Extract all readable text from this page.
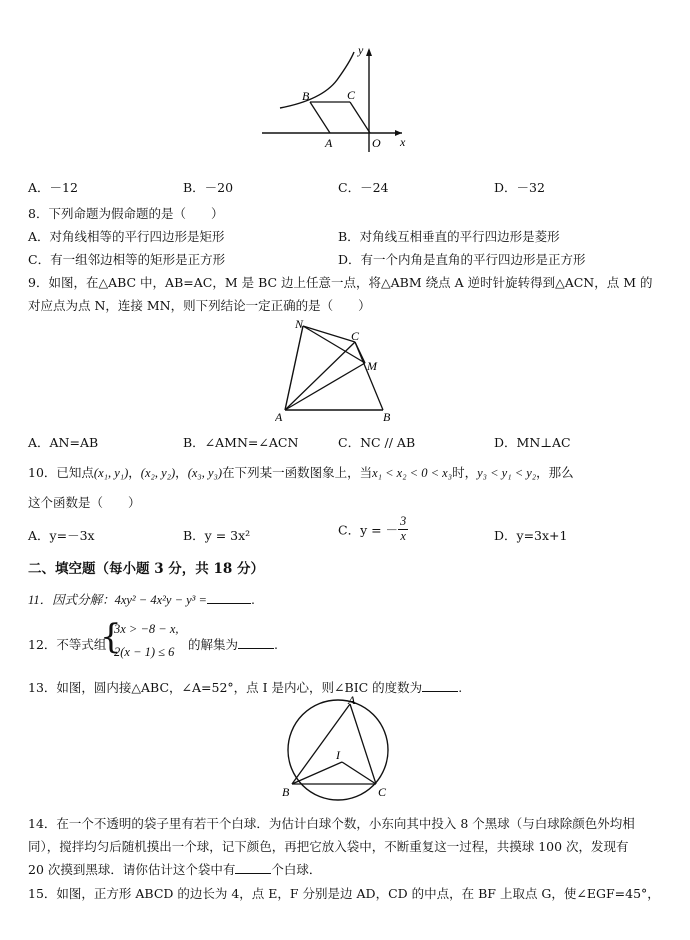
y
x
B	C
A	O
A．－12	B．－20	C．－24	D．－32
8．下列命题为假命题的是（　　）
A．对角线相等的平行四边形是矩形	B．对角线互相垂直的平行四边形是菱形
C．有一组邻边相等的矩形是正方形	D．有一个内角是直角的平行四边形是正方形
9．如图，在△ABC 中，AB=AC，M 是 BC 边上任意一点，将△ABM 绕点 A 逆时针旋转得到△ACN，点 M 的
对应点为点 N，连接 MN，则下列结论一定正确的是（　　）
N
C
M
A	B
A．AN=AB	B．∠AMN=∠ACN	C．NC // AB	D．MN⊥AC
10．已知点(x₁, y₁)，(x₂, y₂)，(x₃, y₃)在下列某一函数图象上，当x₁ < x₂ < 0 < x₃时，y₃ < y₁ < y₂，那么
这个函数是（　　）
A．y=－3x	B．y = 3x²	C．y = － $\frac{3}{x}$	D．y=3x+1
二、填空题（每小题 3 分，共 18 分）
11．因式分解：4xy² − 4x²y − y³ =	.
12．不等式组
{
3x > −8 − x,
2(x − 1) ≤ 6 的解集为	.
13．如图，圆内接△ABC，∠A=52°，点 I 是内心，则∠BIC 的度数为	.
A
I
B	C
14．在一个不透明的袋子里有若干个白球．为估计白球个数，小东向其中投入 8 个黑球（与白球除颜色外均相
同），搅拌均匀后随机摸出一个球，记下颜色，再把它放入袋中，不断重复这一过程，共摸球 100 次，发现有
20 次摸到黑球．请你估计这个袋中有	个白球．
15．如图，正方形 ABCD 的边长为 4，点 E，F 分别是边 AD，CD 的中点，在 BF 上取点 G，使∠EGF=45°，
